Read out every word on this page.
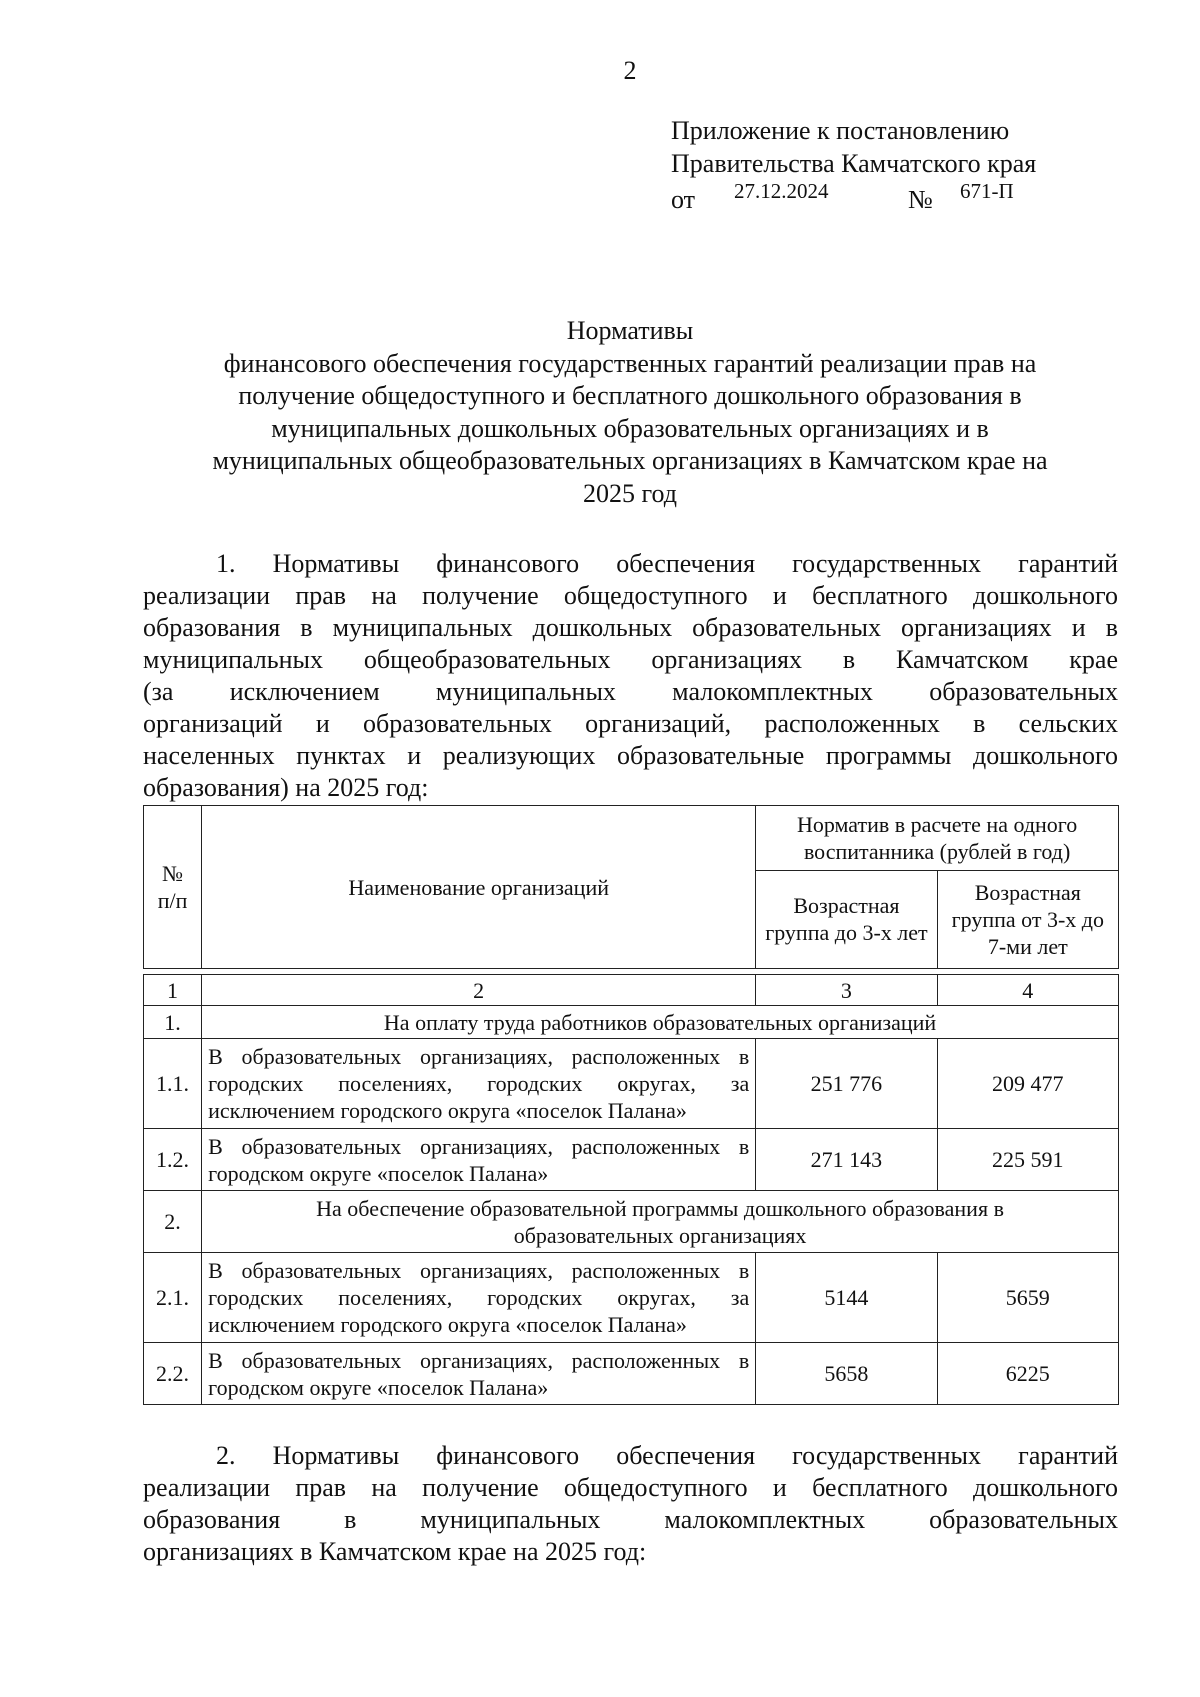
2
Приложение к постановлению
Правительства Камчатского края
от 27.12.2024	№ 671-П
Нормативы
финансового обеспечения государственных гарантий реализации прав на
получение общедоступного и бесплатного дошкольного образования в
муниципальных дошкольных образовательных организациях и в
муниципальных общеобразовательных организациях в Камчатском крае на
2025 год
1. Нормативы финансового обеспечения государственных гарантий
реализации прав на получение общедоступного и бесплатного дошкольного
образования в муниципальных дошкольных образовательных организациях и в
муниципальных общеобразовательных организациях в Камчатском крае
(за исключением муниципальных малокомплектных образовательных
организаций и образовательных организаций, расположенных в сельских
населенных пунктах и реализующих образовательные программы дошкольного
образования) на 2025 год:
№
п/п	Наименование организаций	Норматив в расчете на одного воспитанника (рублей в год)	
		Возрастная группа до 3-х лет	Возрастная группа от 3-х до 7-ми лет

1	2	3	4
1.	На оплату труда работников образовательных организаций		
1.1.	В образовательных организациях, расположенных в
городских поселениях, городских округах, за
исключением городского округа «поселок Палана»	251 776	209 477
1.2.	В образовательных организациях, расположенных в
городском округе «поселок Палана»	271 143	225 591
2.	На обеспечение образовательной программы дошкольного образования в
образовательных организациях		

2.1.	В образовательных организациях, расположенных в
городских поселениях, городских округах, за
исключением городского округа «поселок Палана»	5144	5659
2.2.	В образовательных организациях, расположенных в
городском округе «поселок Палана»	5658	6225
2. Нормативы финансового обеспечения государственных гарантий
реализации прав на получение общедоступного и бесплатного дошкольного
образования в муниципальных малокомплектных образовательных
организациях в Камчатском крае на 2025 год:
